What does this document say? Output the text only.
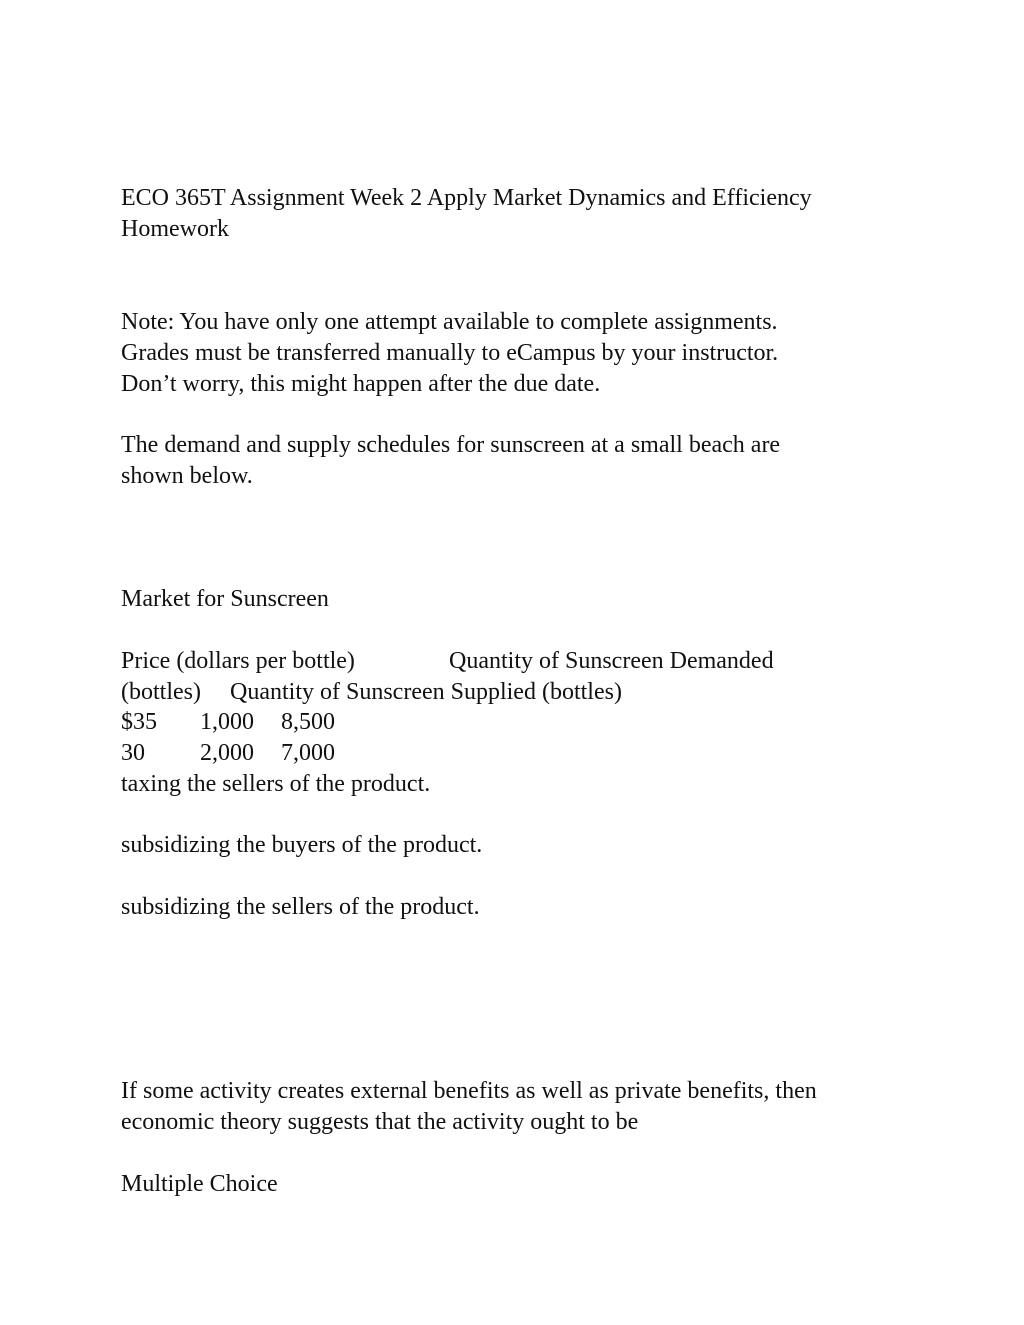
ECO 365T Assignment Week 2 Apply Market Dynamics and Efficiency
Homework
Note: You have only one attempt available to complete assignments.
Grades must be transferred manually to eCampus by your instructor.
Don’t worry, this might happen after the due date.
The demand and supply schedules for sunscreen at a small beach are
shown below.
Market for Sunscreen

Price (dollars per bottle)

	Quantity of Sunscreen Demanded

(bottles)

Quantity of Sunscreen Supplied (bottles)

$35

1,000

8,500

30

2,000

7,000

taxing the sellers of the product.
subsidizing the buyers of the product.
subsidizing the sellers of the product.
If some activity creates external benefits as well as private benefits, then
economic theory suggests that the activity ought to be
Multiple Choice
